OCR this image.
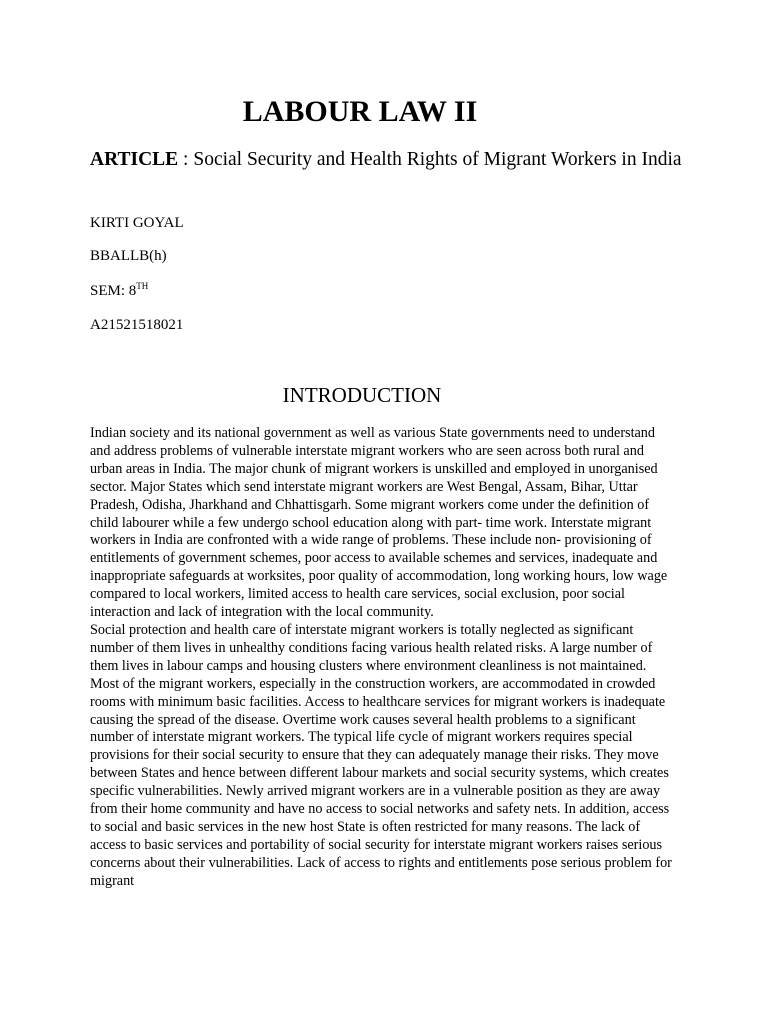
LABOUR LAW II

ARTICLE : Social Security and Health Rights of Migrant Workers in India

KIRTI GOYAL

BBALLB(h)

SEM: 8TH

A21521518021

INTRODUCTION

Indian society and its national government as well as various State governments need to understand and address problems of vulnerable interstate migrant workers who are seen across both rural and urban areas in India. The major chunk of migrant workers is unskilled and employed in unorganised sector. Major States which send interstate migrant workers are West Bengal, Assam, Bihar, Uttar Pradesh, Odisha, Jharkhand and Chhattisgarh. Some migrant workers come under the definition of child labourer while a few undergo school education along with part- time work. Interstate migrant workers in India are confronted with a wide range of problems. These include non- provisioning of entitlements of government schemes, poor access to available schemes and services, inadequate and inappropriate safeguards at worksites, poor quality of accommodation, long working hours, low wage compared to local workers, limited access to health care services, social exclusion, poor social interaction and lack of integration with the local community.

Social protection and health care of interstate migrant workers is totally neglected as significant number of them lives in unhealthy conditions facing various health related risks. A large number of them lives in labour camps and housing clusters where environment cleanliness is not maintained. Most of the migrant workers, especially in the construction workers, are accommodated in crowded rooms with minimum basic facilities. Access to healthcare services for migrant workers is inadequate causing the spread of the disease. Overtime work causes several health problems to a significant number of interstate migrant workers. The typical life cycle of migrant workers requires special provisions for their social security to ensure that they can adequately manage their risks. They move between States and hence between different labour markets and social security systems, which creates specific vulnerabilities. Newly arrived migrant workers are in a vulnerable position as they are away from their home community and have no access to social networks and safety nets. In addition, access to social and basic services in the new host State is often restricted for many reasons. The lack of access to basic services and portability of social security for interstate migrant workers raises serious concerns about their vulnerabilities. Lack of access to rights and entitlements pose serious problem for migrant
